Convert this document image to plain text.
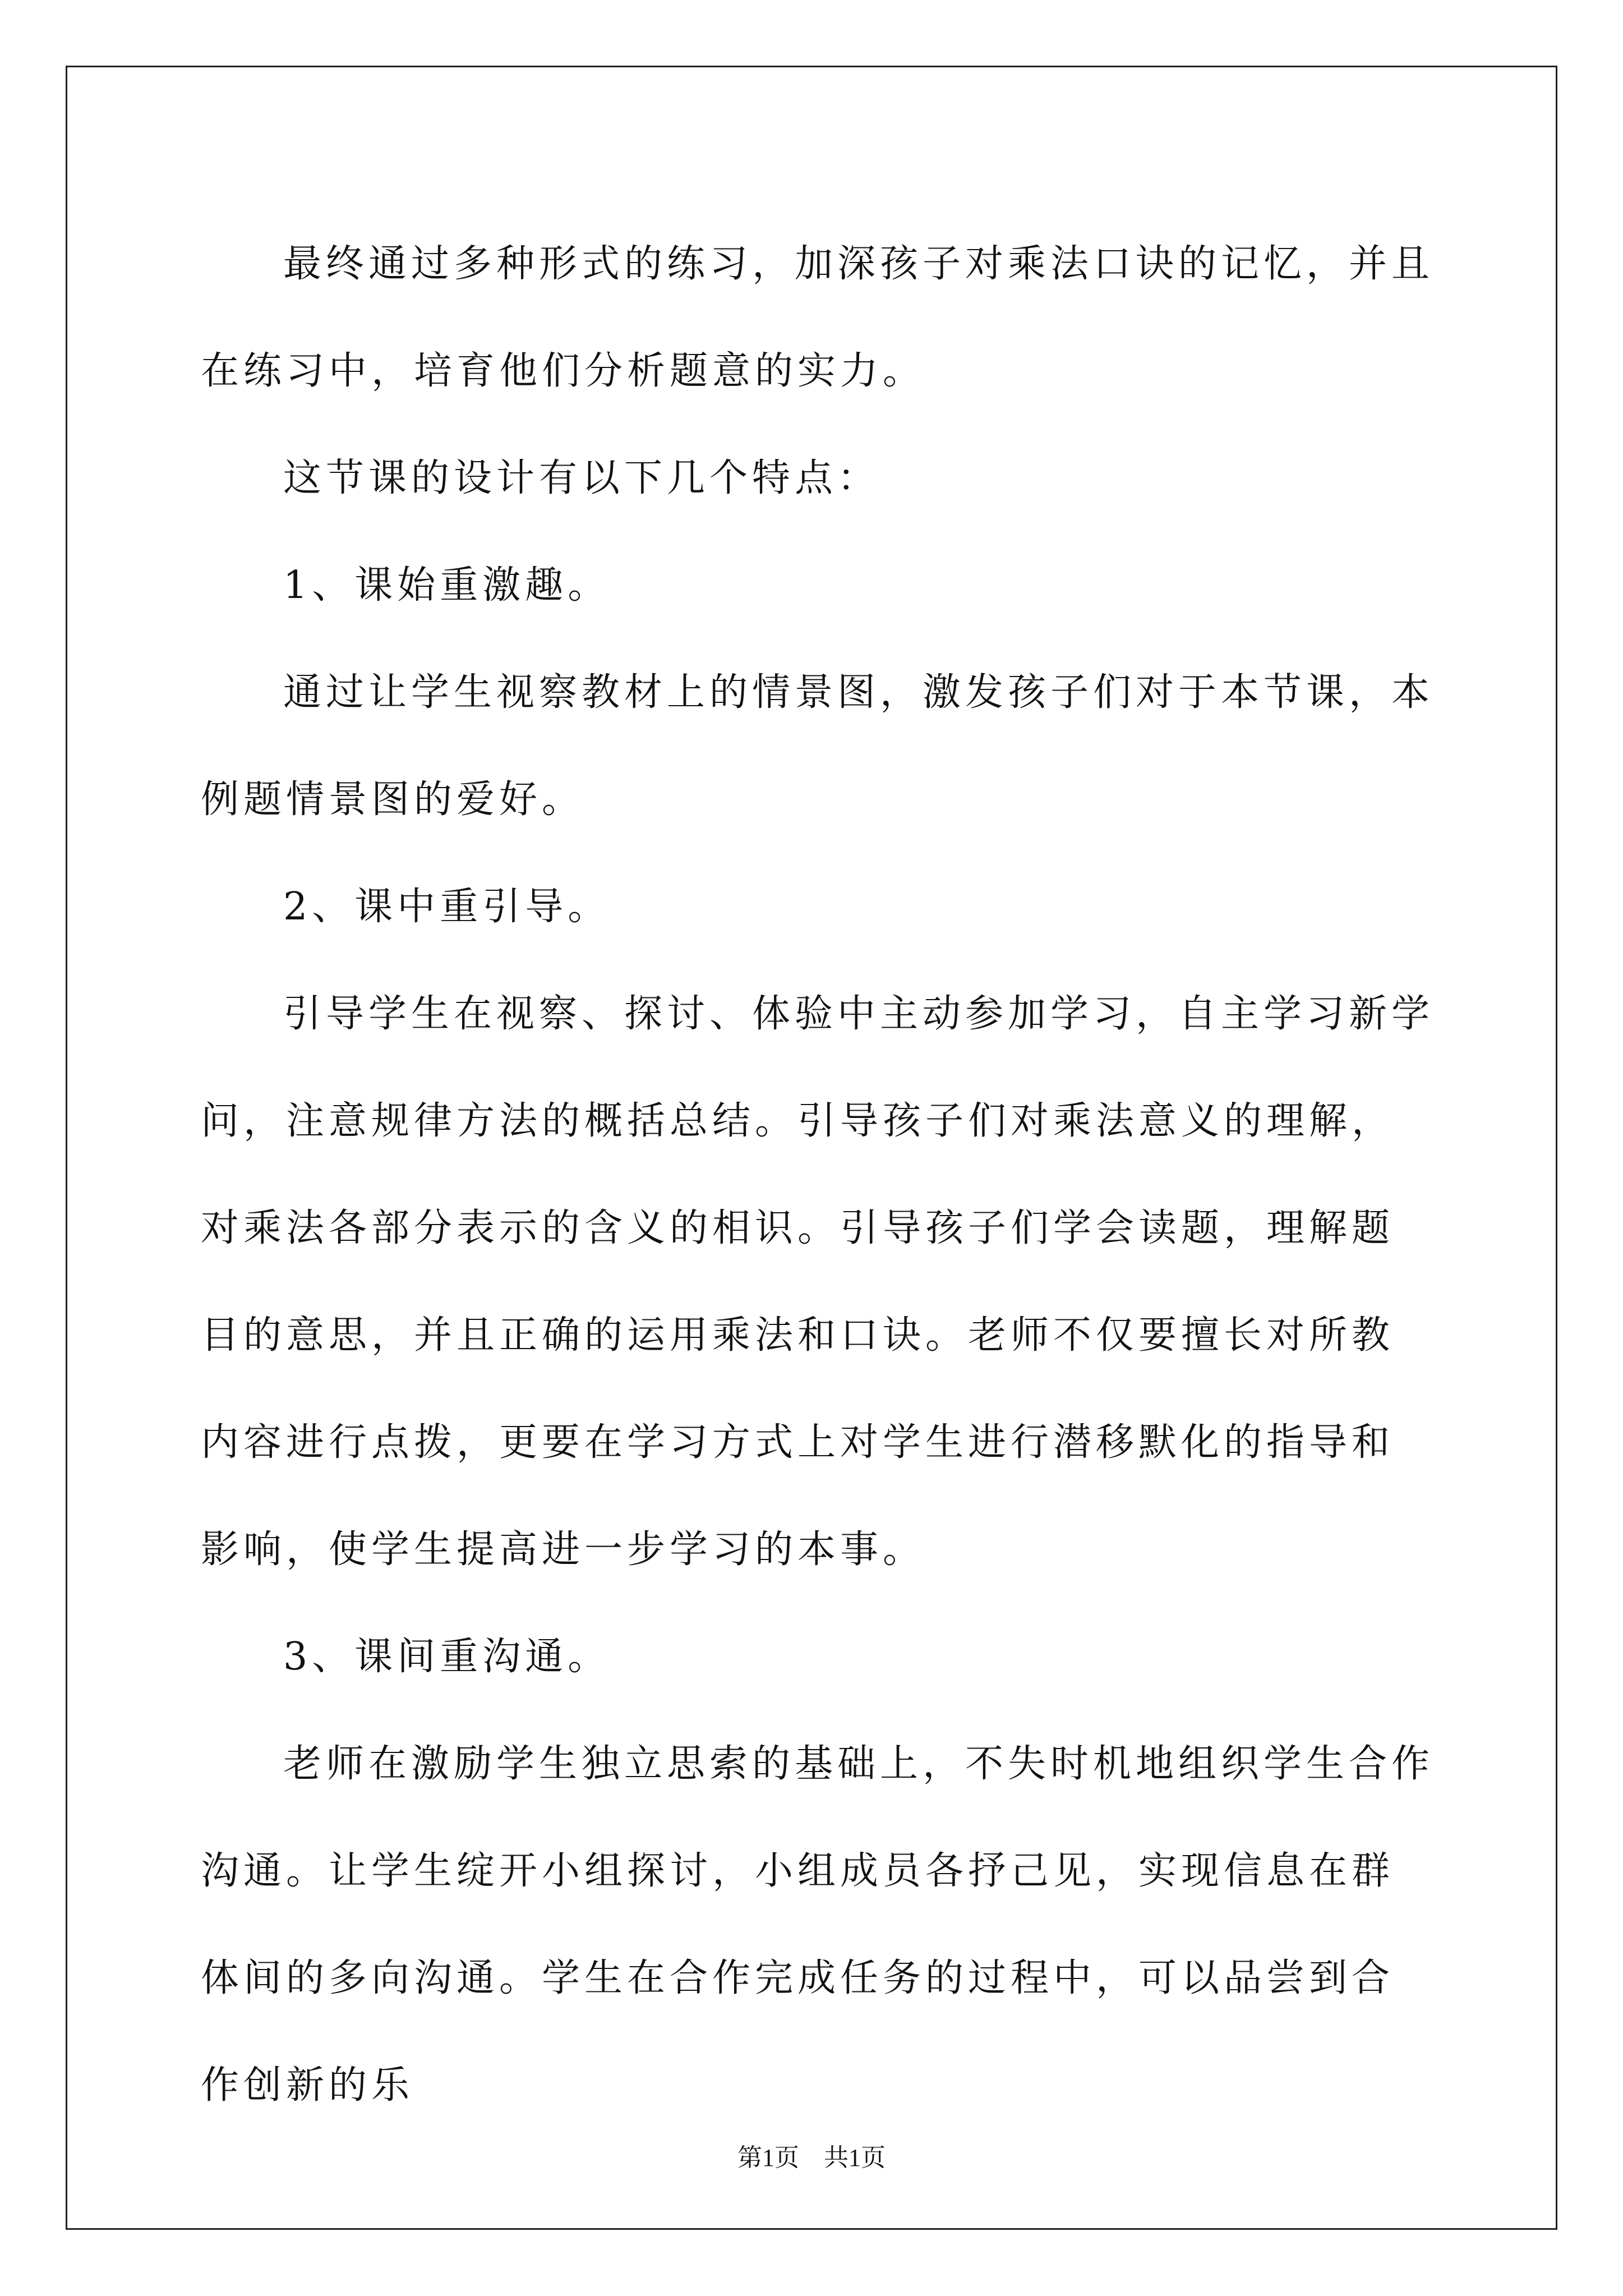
最终通过多种形式的练习，加深孩子对乘法口诀的记忆，并且在练习中，培育他们分析题意的实力。

这节课的设计有以下几个特点：

1、课始重激趣。

通过让学生视察教材上的情景图，激发孩子们对于本节课，本例题情景图的爱好。

2、课中重引导。

引导学生在视察、探讨、体验中主动参加学习，自主学习新学问，注意规律方法的概括总结。引导孩子们对乘法意义的理解，对乘法各部分表示的含义的相识。引导孩子们学会读题，理解题目的意思，并且正确的运用乘法和口诀。老师不仅要擅长对所教内容进行点拨，更要在学习方式上对学生进行潜移默化的指导和影响，使学生提高进一步学习的本事。

3、课间重沟通。

老师在激励学生独立思索的基础上，不失时机地组织学生合作沟通。让学生绽开小组探讨，小组成员各抒己见，实现信息在群体间的多向沟通。学生在合作完成任务的过程中，可以品尝到合作创新的乐

第1页　共1页
